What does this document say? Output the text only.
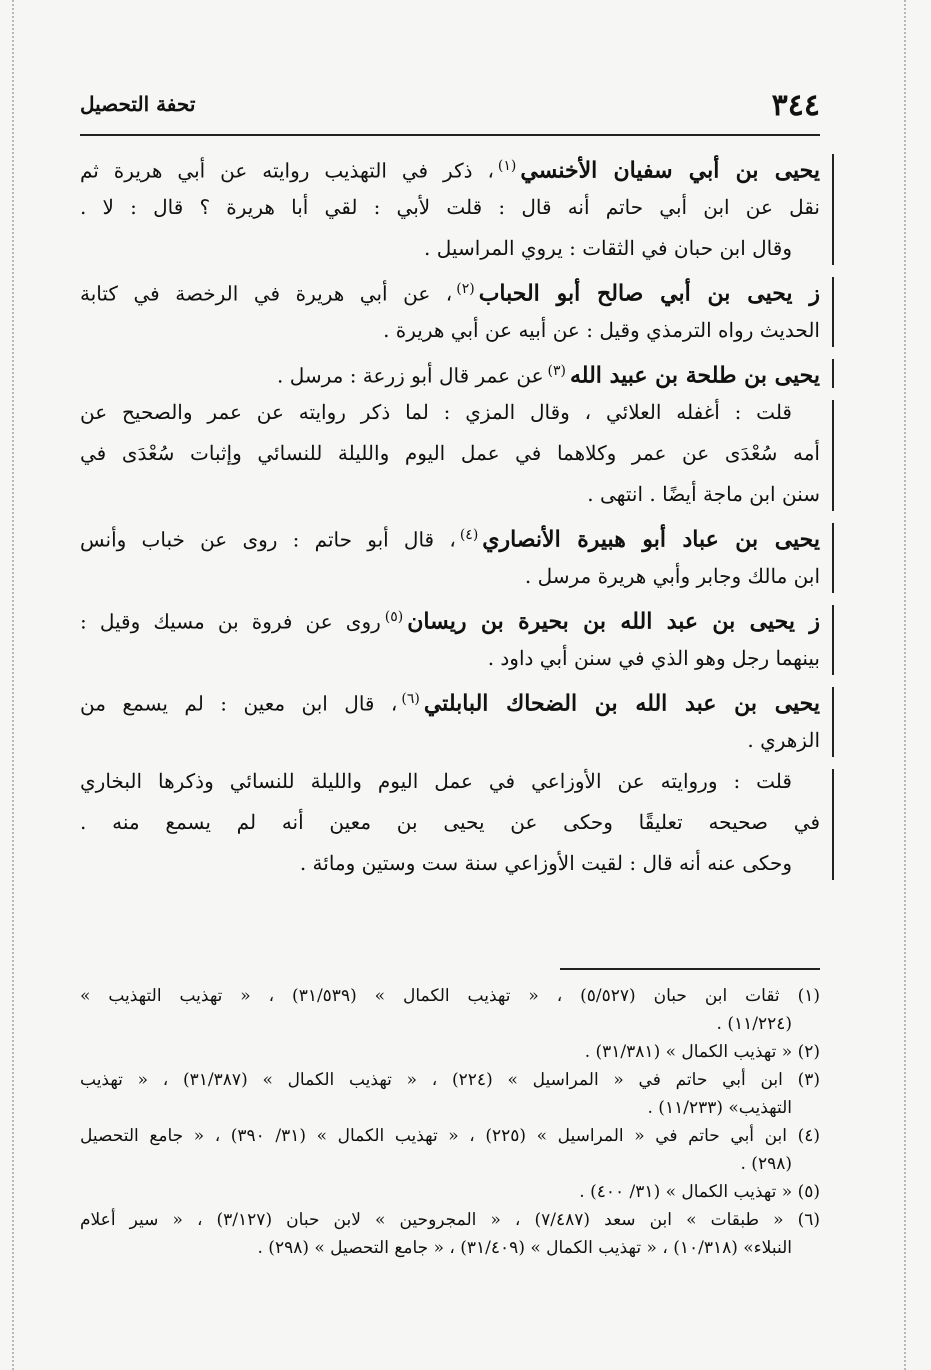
٣٤٤
تحفة التحصيل
يحيى بن أبي سفيان الأخنسي$^{(١)}$، ذكر في التهذيب روايته عن أبي هريرة ثم
نقل عن ابن أبي حاتم أنه قال : قلت لأبي : لقي أبا هريرة ؟ قال : لا .
وقال ابن حبان في الثقات : يروي المراسيل .
ز يحيى بن أبي صالح أبو الحباب$^{(٢)}$، عن أبي هريرة في الرخصة في كتابة
الحديث رواه الترمذي وقيل : عن أبيه عن أبي هريرة .
يحيى بن طلحة بن عبيد الله$^{(٣)}$عن عمر قال أبو زرعة : مرسل .
قلت : أغفله العلائي ، وقال المزي : لما ذكر روايته عن عمر والصحيح عن
أمه سُعْدَى عن عمر وكلاهما في عمل اليوم والليلة للنسائي وإثبات سُعْدَى في
سنن ابن ماجة أيضًا . انتهى .
يحيى بن عباد أبو هبيرة الأنصاري$^{(٤)}$، قال أبو حاتم : روى عن خباب وأنس
ابن مالك وجابر وأبي هريرة مرسل .
ز يحيى بن عبد الله بن بحيرة بن ريسان$^{(٥)}$روى عن فروة بن مسيك وقيل :
بينهما رجل وهو الذي في سنن أبي داود .
يحيى بن عبد الله بن الضحاك البابلتي$^{(٦)}$، قال ابن معين : لم يسمع من
الزهري .
قلت : وروايته عن الأوزاعي في عمل اليوم والليلة للنسائي وذكرها البخاري
في صحيحه تعليقًا وحكى عن يحيى بن معين أنه لم يسمع منه .
وحكى عنه أنه قال : لقيت الأوزاعي سنة ست وستين ومائة .
(١) ثقات ابن حبان (٥/٥٢٧) ، « تهذيب الكمال » (٣١/٥٣٩) ، « تهذيب التهذيب »
(١١/٢٢٤) .
(٢) « تهذيب الكمال » (٣١/٣٨١) .
(٣) ابن أبي حاتم في « المراسيل » (٢٢٤) ، « تهذيب الكمال » (٣١/٣٨٧) ، « تهذيب
التهذيب» (١١/٢٣٣) .
(٤) ابن أبي حاتم في « المراسيل » (٢٢٥) ، « تهذيب الكمال » (٣١/ ٣٩٠) ، « جامع التحصيل
(٢٩٨) .
(٥) « تهذيب الكمال » (٣١/ ٤٠٠) .
(٦) « طبقات » ابن سعد (٧/٤٨٧) ، « المجروحين » لابن حبان (٣/١٢٧) ، « سير أعلام
النبلاء» (١٠/٣١٨) ، « تهذيب الكمال » (٣١/٤٠٩) ، « جامع التحصيل » (٢٩٨) .
